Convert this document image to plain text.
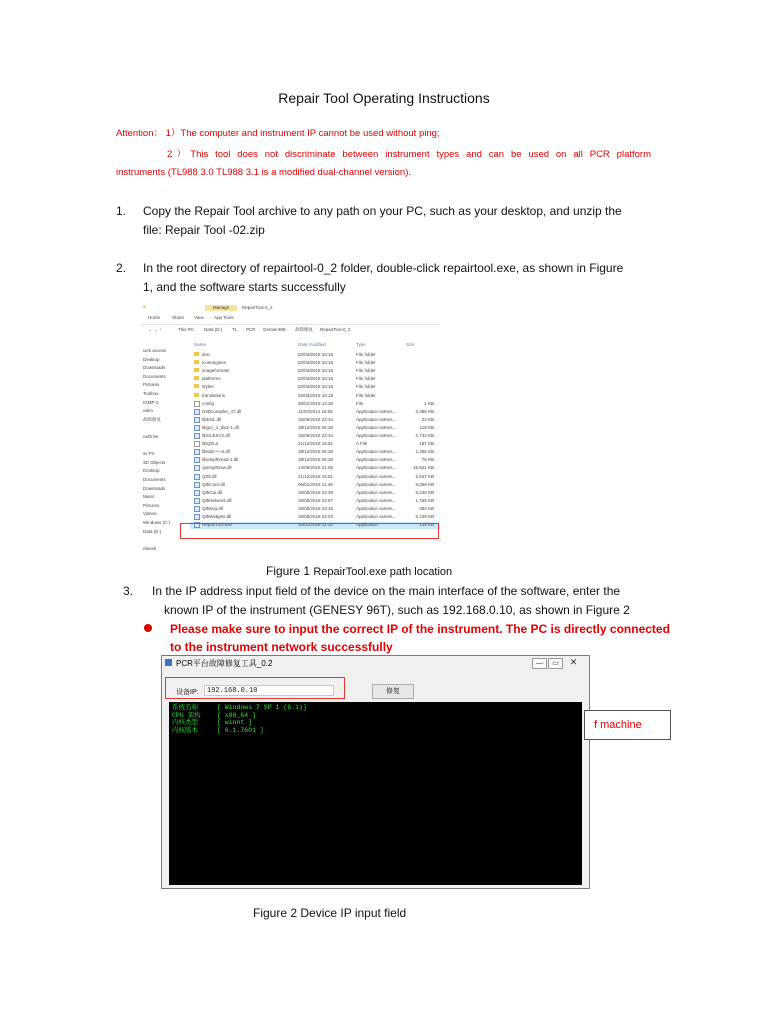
Repair Tool Operating Instructions
Attention： 1）The computer and instrument IP cannot be used without ping;
2）This tool does not discriminate between instrument types and can be used on all PCR platform
instruments (TL988 3.0 TL988 3.1 is a modified dual-channel version).
1. Copy the Repair Tool archive to any path on your PC, such as your desktop, and unzip the
file: Repair Tool -02.zip
2. In the root directory of repairtool-0_2 folder, double-click repairtool.exe, as shown in Figure
1, and the software starts successfully
■	Manage	RepairTool-0_2
Home	Share View App Tools
← → ↑	This PC Data (D:) TL PCR Gentier48E 故障修复 RepairTool-0_2
Name	Date modified	Type	Size
uick access
Desktop
Downloads
Documents
Pictures
Toolbox
IGMP-2
utem
故障修复
neDrive
ss PC
3D Objects
Desktop
Documents
Downloads
Music
Pictures
Videos
Windows (C:)
Data (D:)
etwork
amc	02/03/2019 10:18	File folder
iconengines	02/03/2019 10:18	File folder
imageformats	02/03/2019 10:18	File folder
platforms	02/03/2019 10:18	File folder
styles	02/03/2019 10:18	File folder
translations	02/03/2019 10:18	File folder
config	30/01/2019 14:25	File	1 KB
D3Dcompiler_47.dll	11/03/2014 18:05	Application extens...	3,386 KB
libEGL.dll	15/06/2018 22:34	Application extens...	22 KB
libgcc_s_dw2-1.dll	29/12/2015 06:25	Application extens...	118 KB
libGLESV2.dll	15/06/2018 22:34	Application extens...	2,742 KB
libQSt.a	21/12/2018 15:51	A File	187 KB
libstdc++-6.dll	29/12/2015 06:25	Application extens...	1,305 KB
libwinpthread-1.dll	29/12/2015 06:25	Application extens...	76 KB
opengl32sw.dll	14/06/2016 21:06	Application extens...	15,621 KB
QSlt.dll	21/12/2018 15:51	Application extens...	2,627 KB
Qt5Core.dll	06/01/2019 11:48	Application extens...	6,069 KB
Qt5Gui.dll	15/06/2018 22:39	Application extens...	6,230 KB
Qt5Network.dll	15/06/2018 22:57	Application extens...	1,765 KB
Qt5Svg.dll	15/06/2018 23:15	Application extens...	352 KB
Qt5Widgets.dll	15/06/2018 22:03	Application extens...	6,108 KB
RepairTool.exe	30/01/2019 11:14	Application	139 KB
Figure 1 RepairTool.exe path location
3. In the IP address input field of the device on the main interface of the software, enter the
known IP of the instrument (GENESY 96T), such as 192.168.0.10, as shown in Figure 2
Please make sure to input the correct IP of the instrument. The PC is directly connected
to the instrument network successfully
PCR平台故障修复工具_0.2	—	▭	✕
设备IP:	192.168.0.10	修复
系统名称	[ Windows 7 SP 1 (6.1)]
CPU 架构	[ x86_64 ]
内核类型	[ winnt ]
内核版本	[ 6.1.7601 ]	f machine
Figure 2 Device IP input field
